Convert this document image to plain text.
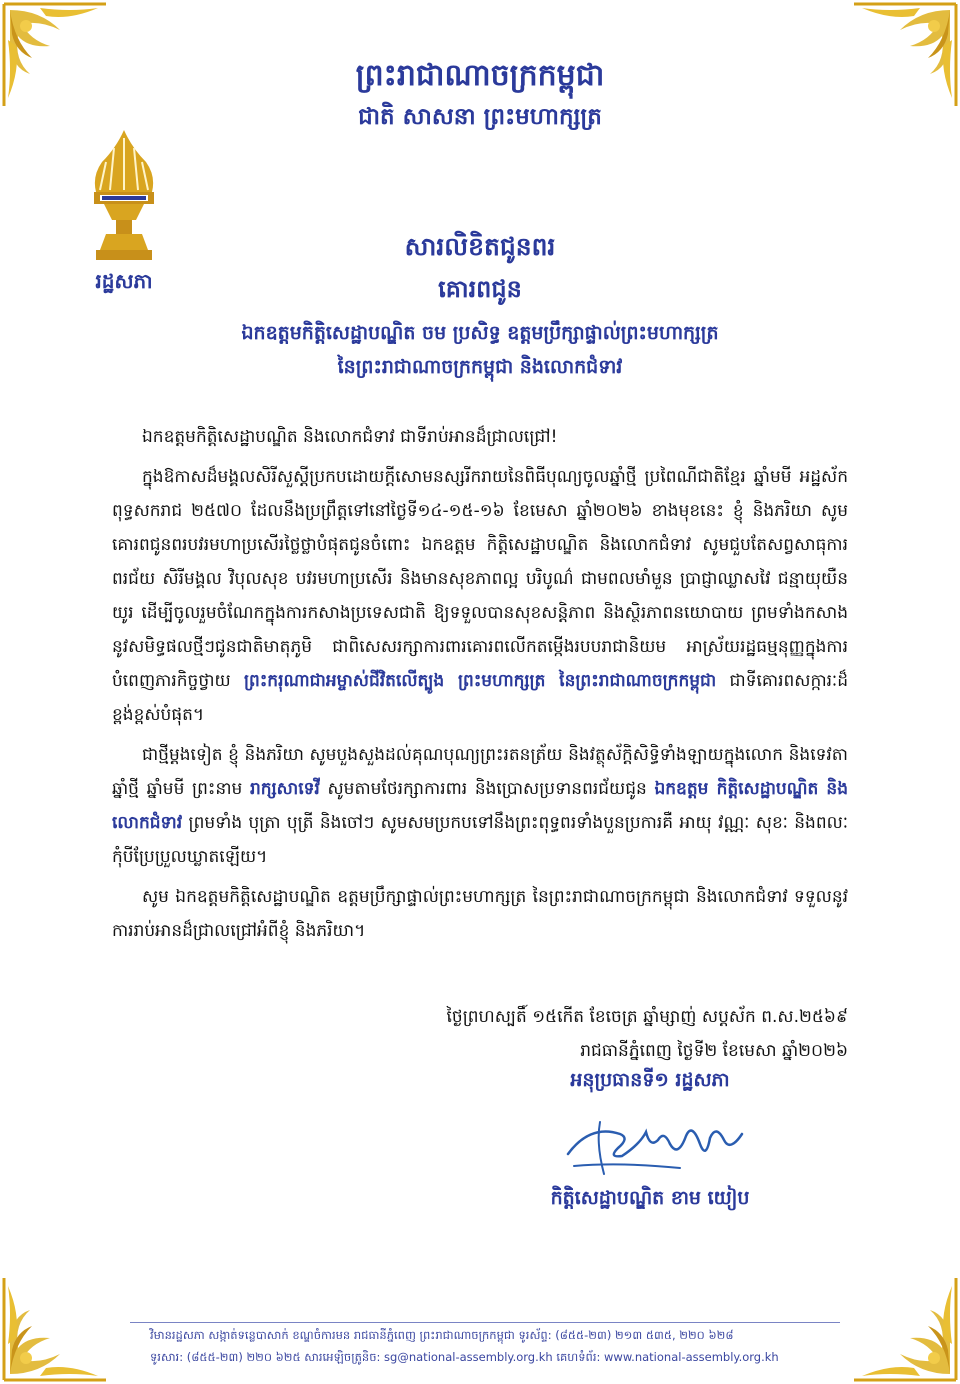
ព្រះរាជាណាចក្រកម្ពុជា
ជាតិ សាសនា ព្រះមហាក្សត្រ
រដ្ឋសភា
សារលិខិតជូនពរ
គោរពជូន
ឯកឧត្តមកិត្តិសេដ្ឋាបណ្ឌិត ចម ប្រសិទ្ធ ឧត្តមប្រឹក្សាផ្ទាល់ព្រះមហាក្សត្រ
នៃព្រះរាជាណាចក្រកម្ពុជា និងលោកជំទាវ

ឯកឧត្តមកិត្តិសេដ្ឋាបណ្ឌិត និងលោកជំទាវ ជាទីរាប់អានដ៏ជ្រាលជ្រៅ!

ក្នុងឱកាសដ៏មង្គលសិរីសួស្តីប្រកបដោយក្តីសោមនស្សរីករាយនៃពិធីបុណ្យចូលឆ្នាំថ្មី ប្រពៃណីជាតិខ្មែរ ឆ្នាំមមី អដ្ឋស័ក ពុទ្ធសករាជ ២៥៧០ ដែលនឹងប្រព្រឹត្តទៅនៅថ្ងៃទី១៤-១៥-១៦ ខែមេសា ឆ្នាំ២០២៦ ខាងមុខនេះ ខ្ញុំ និងភរិយា សូមគោរពជូនពរបវរមហាប្រសើរថ្លៃថ្លាបំផុតជូនចំពោះ ឯកឧត្តម កិត្តិសេដ្ឋាបណ្ឌិត និងលោកជំទាវ សូមជួបតែសព្វសាធុការពរជ័យ សិរីមង្គល វិបុលសុខ បវរមហាប្រសើរ និងមានសុខភាពល្អ បរិបូណ៌ ជាមពលមាំមួន ប្រាជ្ញាឈ្លាសវៃ ជន្មាយុយឺនយូរ ដើម្បីចូលរួមចំណែកក្នុងការកសាងប្រទេសជាតិ ឱ្យទទួលបានសុខសន្តិភាព និងស្ថិរភាពនយោបាយ ព្រមទាំងកសាងនូវសមិទ្ធផលថ្មីៗជូនជាតិមាតុភូមិ ជាពិសេសរក្សាការពារគោរពលើកតម្កើងរបបរាជានិយម អាស្រ័យរដ្ឋធម្មនុញ្ញក្នុងការបំពេញភារកិច្ចថ្វាយ ព្រះករុណាជាអម្ចាស់ជីវិតលើត្បូង ព្រះមហាក្សត្រ នៃព្រះរាជាណាចក្រកម្ពុជា ជាទីគោរពសក្ការៈដ៏ខ្ពង់ខ្ពស់បំផុត។

ជាថ្មីម្តងទៀត ខ្ញុំ និងភរិយា សូមបួងសួងដល់គុណបុណ្យព្រះរតនត្រ័យ និងវត្ថុស័ក្តិសិទ្ធិទាំងឡាយក្នុងលោក និងទេវតាឆ្នាំថ្មី ឆ្នាំមមី ព្រះនាម រាក្សសាទេវី សូមតាមថែរក្សាការពារ និងប្រោសប្រទានពរជ័យជូន ឯកឧត្តម កិត្តិសេដ្ឋាបណ្ឌិត និងលោកជំទាវ ព្រមទាំង បុត្រា បុត្រី និងចៅៗ សូមសមប្រកបទៅនឹងព្រះពុទ្ធពរទាំងបួនប្រការគឺ អាយុ វណ្ណៈ សុខៈ និងពលៈ កុំបីប្រែប្រួលឃ្លាតឡើយ។

សូម ឯកឧត្តមកិត្តិសេដ្ឋាបណ្ឌិត ឧត្តមប្រឹក្សាផ្ទាល់ព្រះមហាក្សត្រ នៃព្រះរាជាណាចក្រកម្ពុជា និងលោកជំទាវ ទទួលនូវការរាប់អានដ៏ជ្រាលជ្រៅអំពីខ្ញុំ និងភរិយា។

ថ្ងៃព្រហស្បតិ៍ ១៥កើត ខែចេត្រ ឆ្នាំម្សាញ់ សប្តស័ក ព.ស.២៥៦៩
រាជធានីភ្នំពេញ ថ្ងៃទី២ ខែមេសា ឆ្នាំ២០២៦
អនុប្រធានទី១ រដ្ឋសភា
កិត្តិសេដ្ឋាបណ្ឌិត ខាម យៀប
វិមានរដ្ឋសភា សង្កាត់ទន្លេបាសាក់ ខណ្ឌចំការមន រាជធានីភ្នំពេញ ព្រះរាជាណាចក្រកម្ពុជា ទូរស័ព្ទ: (៨៥៥-២៣) ២១៣ ៥៣៥, ២២០ ៦២៨
ទូរសារ: (៨៥៥-២៣) ២២០ ៦២៥ សារអេឡិចត្រូនិច: sg@national-assembly.org.kh គេហទំព័រ: www.national-assembly.org.kh
